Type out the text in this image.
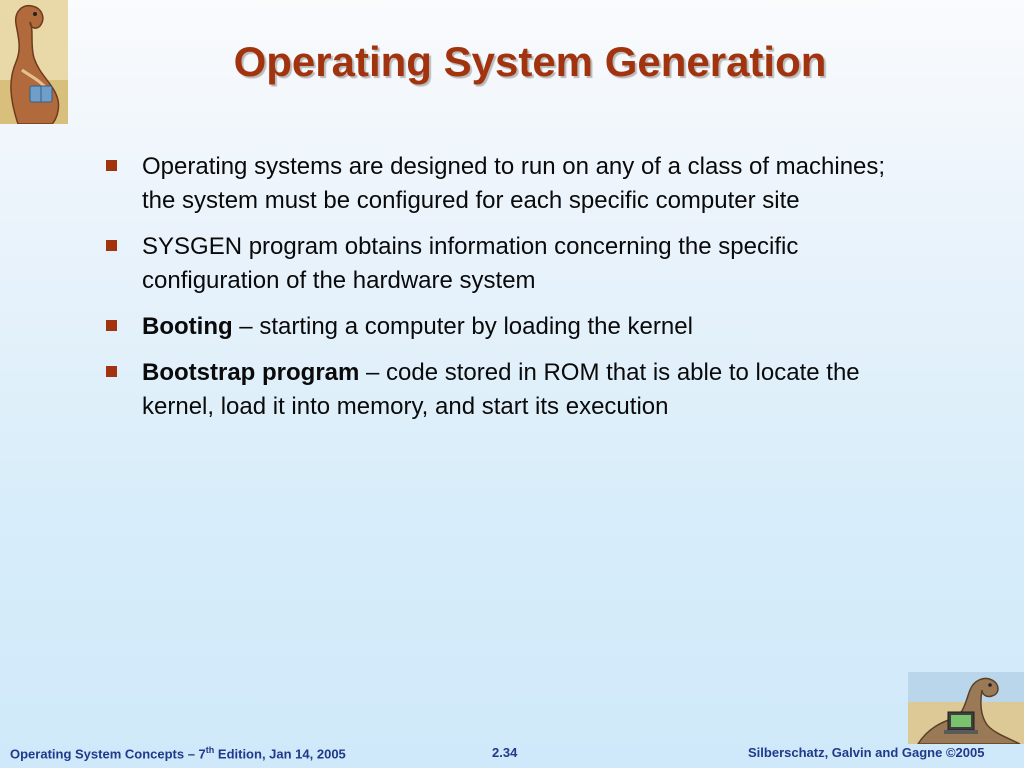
Operating System Generation
Operating systems are designed to run on any of a class of machines; the system must be configured for each specific computer site
SYSGEN program obtains information concerning the specific configuration of the hardware system
Booting – starting a computer by loading the kernel
Bootstrap program – code stored in ROM that is able to locate the kernel, load it into memory, and start its execution
Operating System Concepts – 7th Edition, Jan 14, 2005	2.34	Silberschatz, Galvin and Gagne ©2005
